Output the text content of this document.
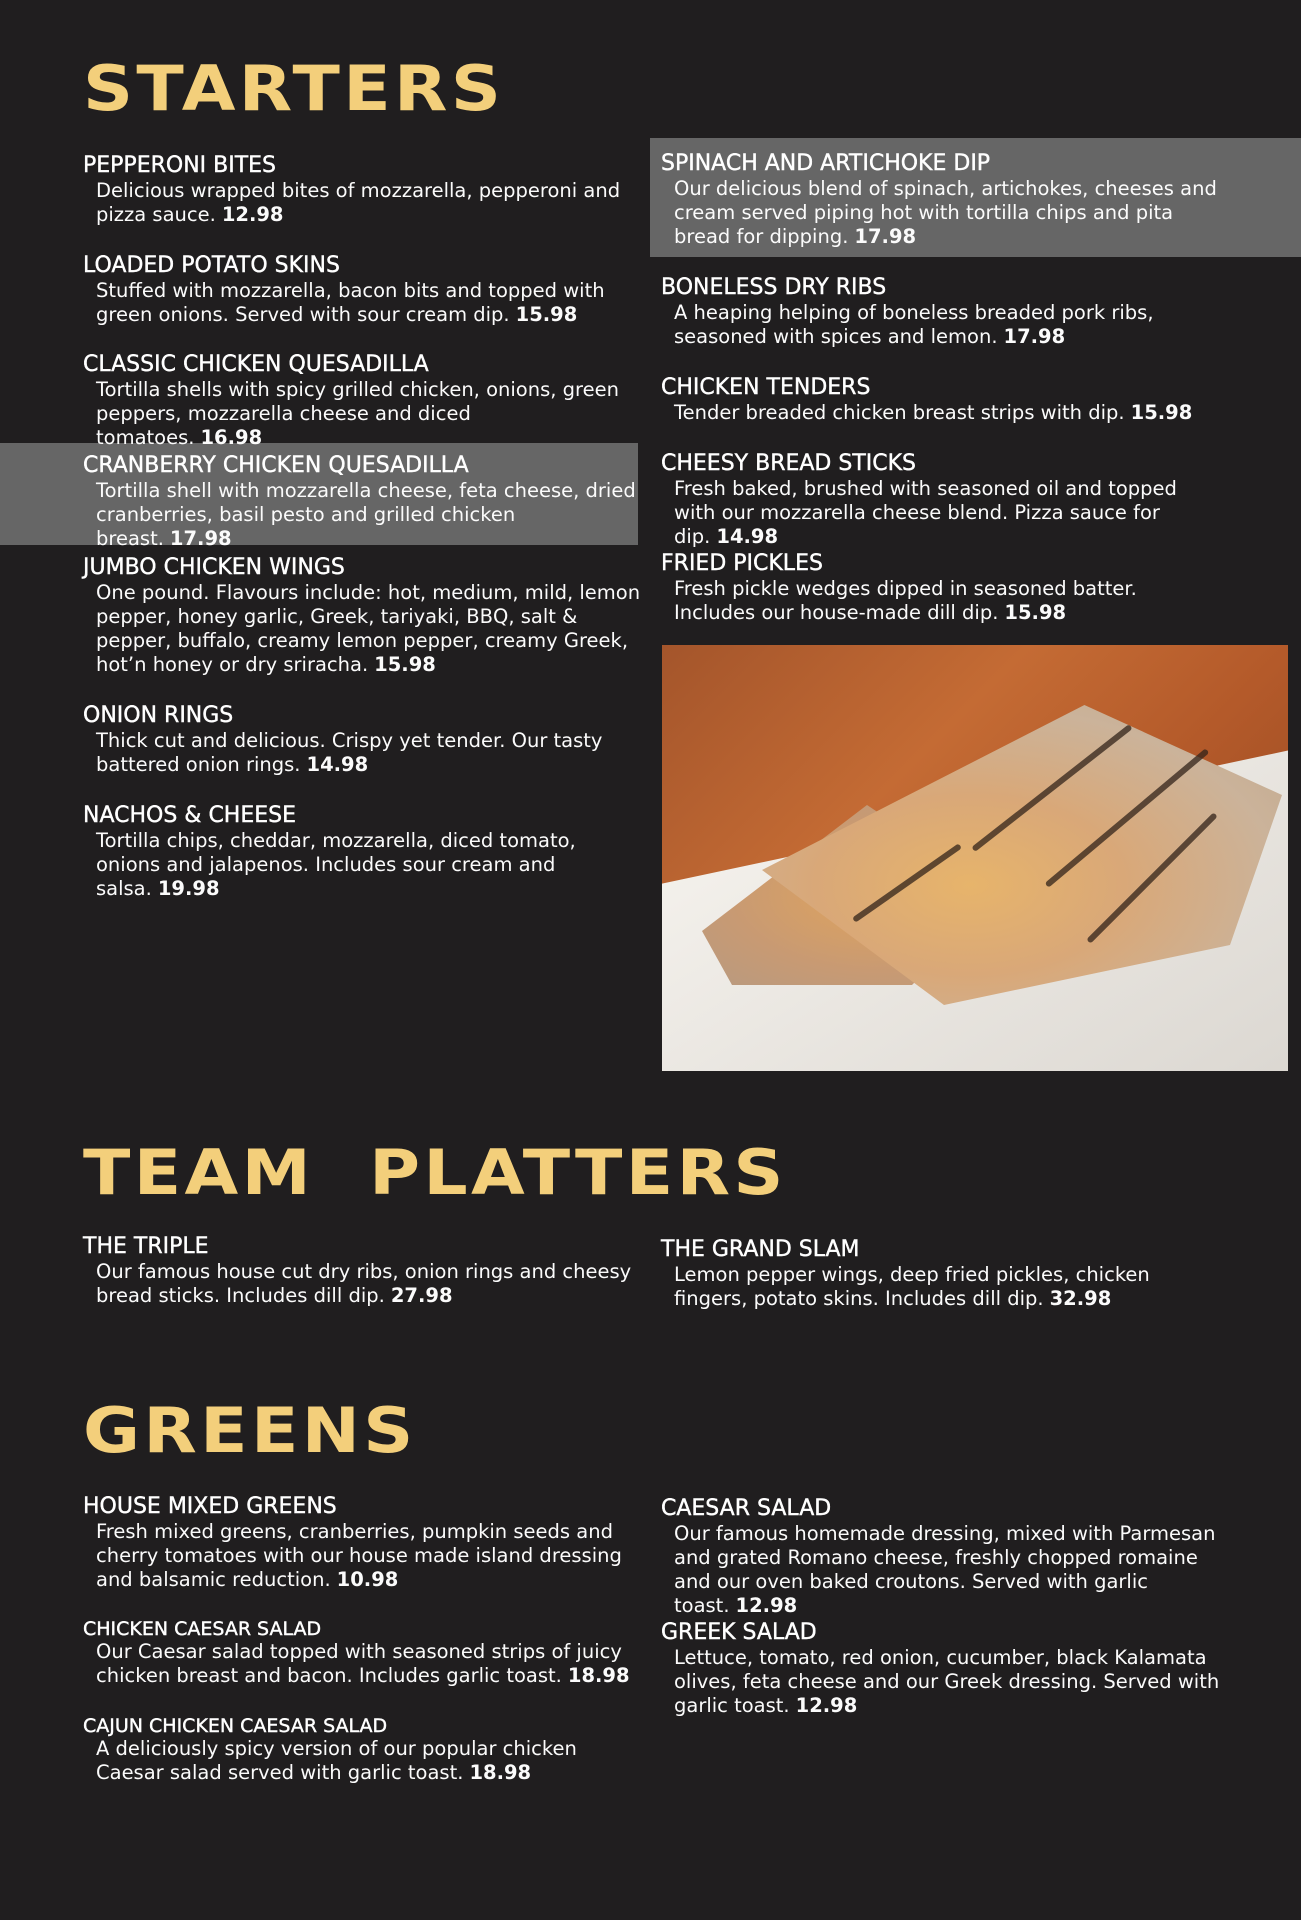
STARTERS
PEPPERONI BITES
Delicious wrapped bites of mozzarella, pepperoni and pizza sauce. 12.98
LOADED POTATO SKINS
Stuffed with mozzarella, bacon bits and topped with green onions. Served with sour cream dip. 15.98
CLASSIC CHICKEN QUESADILLA
Tortilla shells with spicy grilled chicken, onions, green peppers, mozzarella cheese and diced tomatoes. 16.98
CRANBERRY CHICKEN QUESADILLA
Tortilla shell with mozzarella cheese, feta cheese, dried cranberries, basil pesto and grilled chicken breast. 17.98
JUMBO CHICKEN WINGS
One pound. Flavours include: hot, medium, mild, lemon pepper, honey garlic, Greek, tariyaki, BBQ, salt & pepper, buffalo, creamy lemon pepper, creamy Greek, hot’n honey or dry sriracha. 15.98
ONION RINGS
Thick cut and delicious. Crispy yet tender. Our tasty battered onion rings. 14.98
NACHOS & CHEESE
Tortilla chips, cheddar, mozzarella, diced tomato, onions and jalapenos. Includes sour cream and salsa. 19.98
SPINACH AND ARTICHOKE DIP
Our delicious blend of spinach, artichokes, cheeses and cream served piping hot with tortilla chips and pita bread for dipping. 17.98
BONELESS DRY RIBS
A heaping helping of boneless breaded pork ribs, seasoned with spices and lemon. 17.98
CHICKEN TENDERS
Tender breaded chicken breast strips with dip. 15.98
CHEESY BREAD STICKS
Fresh baked, brushed with seasoned oil and topped with our mozzarella cheese blend. Pizza sauce for dip. 14.98
FRIED PICKLES
Fresh pickle wedges dipped in seasoned batter. Includes our house-made dill dip. 15.98
TEAM  PLATTERS
THE TRIPLE
Our famous house cut dry ribs, onion rings and cheesy bread sticks. Includes dill dip. 27.98
THE GRAND SLAM
Lemon pepper wings, deep fried pickles, chicken fingers, potato skins. Includes dill dip. 32.98
GREENS
HOUSE MIXED GREENS
Fresh mixed greens, cranberries, pumpkin seeds and cherry tomatoes with our house made island dressing and balsamic reduction. 10.98
CHICKEN CAESAR SALAD
Our Caesar salad topped with seasoned strips of juicy chicken breast and bacon. Includes garlic toast. 18.98
CAJUN CHICKEN CAESAR SALAD
A deliciously spicy version of our popular chicken Caesar salad served with garlic toast. 18.98
CAESAR SALAD
Our famous homemade dressing, mixed with Parmesan and grated Romano cheese, freshly chopped romaine and our oven baked croutons. Served with garlic toast. 12.98
GREEK SALAD
Lettuce, tomato, red onion, cucumber, black Kalamata olives, feta cheese and our Greek dressing. Served with garlic toast. 12.98
